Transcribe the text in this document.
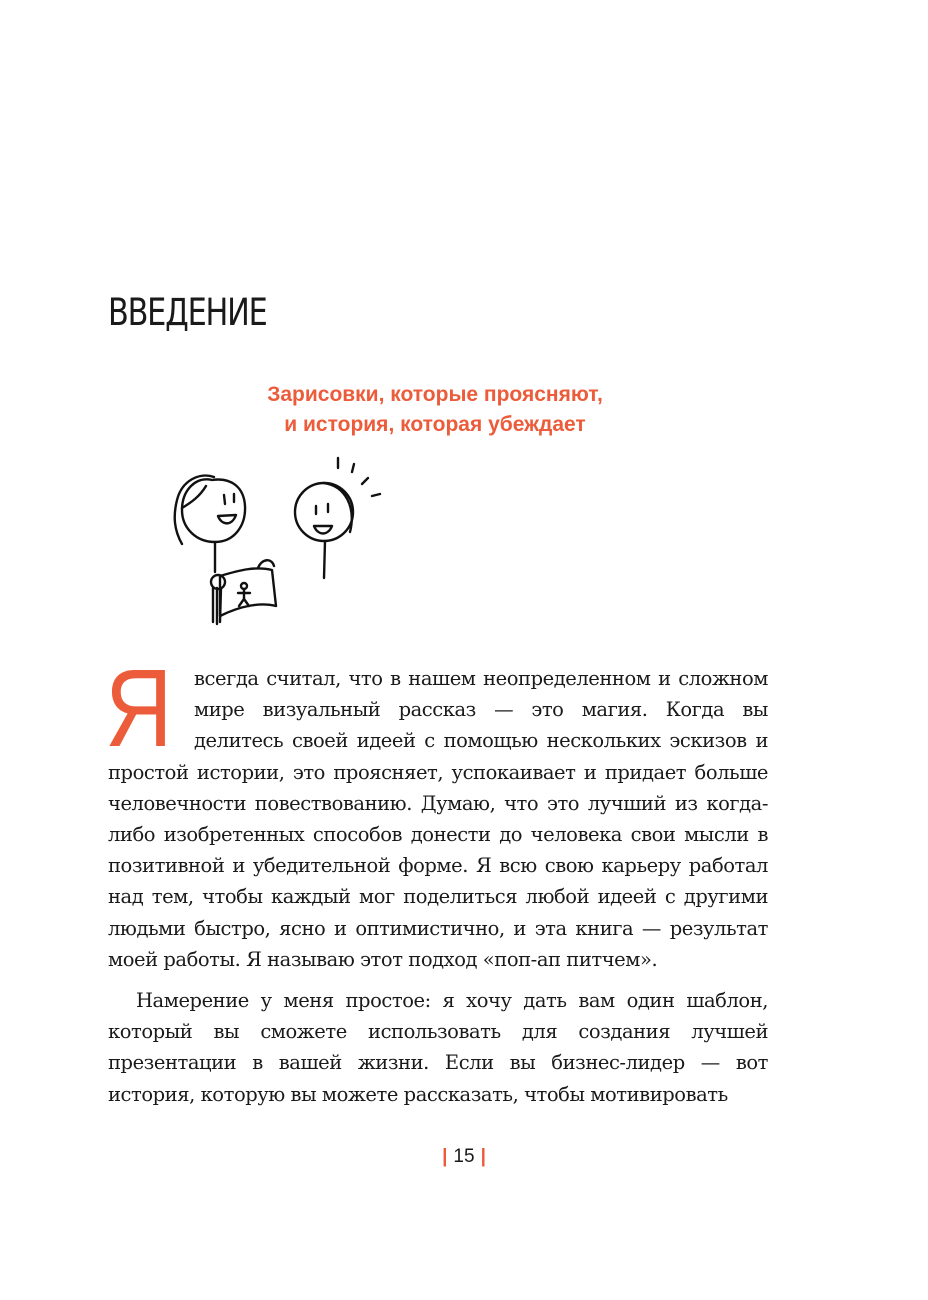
ВВЕДЕНИЕ
Зарисовки, которые проясняют,
и история, которая убеждает

Я всегда считал, что в нашем неопределенном и сложном мире визуальный рассказ — это магия. Когда вы делитесь своей идеей с помощью нескольких эскизов и простой истории, это проясняет, успокаивает и придает больше человечности повествованию. Думаю, что это лучший из когда-либо изобретенных способов донести до человека свои мысли в позитивной и убедительной форме. Я всю свою карьеру работал над тем, чтобы каждый мог поделиться любой идеей с другими людьми быстро, ясно и оптимистично, и эта книга — результат моей работы. Я называю этот подход «поп-ап питчем».

Намерение у меня простое: я хочу дать вам один шаблон, который вы сможете использовать для создания лучшей презентации в вашей жизни. Если вы бизнес-лидер — вот история, которую вы можете рассказать, чтобы мотивировать

| 15 |
